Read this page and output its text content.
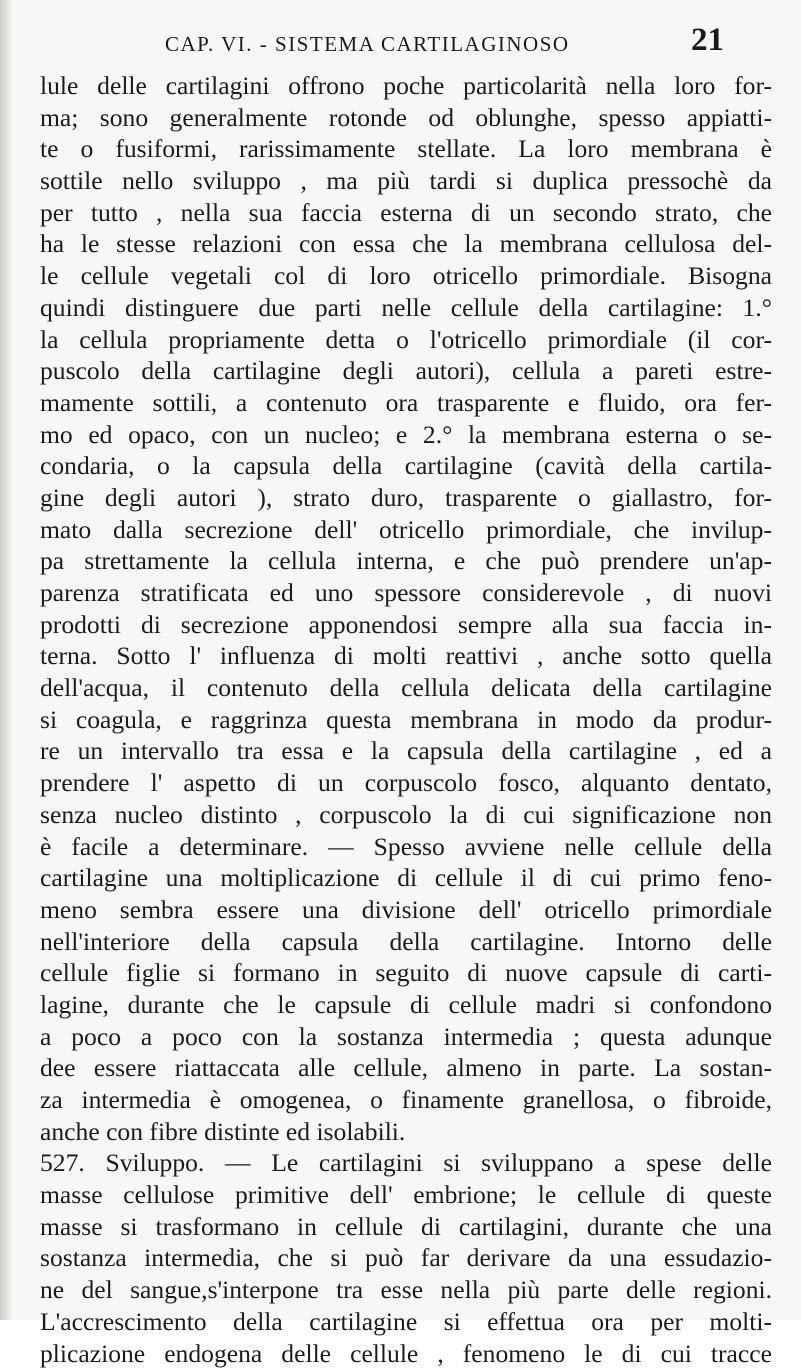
CAP. VI. - SISTEMA CARTILAGINOSO	21
lule delle cartilagini offrono poche particolarità nella loro for-
ma; sono generalmente rotonde od oblunghe, spesso appiatti-
te o fusiformi, rarissimamente stellate. La loro membrana è
sottile nello sviluppo , ma più tardi si duplica pressochè da
per tutto , nella sua faccia esterna di un secondo strato, che
ha le stesse relazioni con essa che la membrana cellulosa del-
le cellule vegetali col di loro otricello primordiale. Bisogna
quindi distinguere due parti nelle cellule della cartilagine: 1.°
la cellula propriamente detta o l'otricello primordiale (il cor-
puscolo della cartilagine degli autori), cellula a pareti estre-
mamente sottili, a contenuto ora trasparente e fluido, ora fer-
mo ed opaco, con un nucleo; e 2.° la membrana esterna o se-
condaria, o la capsula della cartilagine (cavità della cartila-
gine degli autori ), strato duro, trasparente o giallastro, for-
mato dalla secrezione dell' otricello primordiale, che invilup-
pa strettamente la cellula interna, e che può prendere un'ap-
parenza stratificata ed uno spessore considerevole , di nuovi
prodotti di secrezione apponendosi sempre alla sua faccia in-
terna. Sotto l' influenza di molti reattivi , anche sotto quella
dell'acqua, il contenuto della cellula delicata della cartilagine
si coagula, e raggrinza questa membrana in modo da produr-
re un intervallo tra essa e la capsula della cartilagine , ed a
prendere l' aspetto di un corpuscolo fosco, alquanto dentato,
senza nucleo distinto , corpuscolo la di cui significazione non
è facile a determinare. — Spesso avviene nelle cellule della
cartilagine una moltiplicazione di cellule il di cui primo feno-
meno sembra essere una divisione dell' otricello primordiale
nell'interiore della capsula della cartilagine. Intorno delle
cellule figlie si formano in seguito di nuove capsule di carti-
lagine, durante che le capsule di cellule madri si confondono
a poco a poco con la sostanza intermedia ; questa adunque
dee essere riattaccata alle cellule, almeno in parte. La sostan-
za intermedia è omogenea, o finamente granellosa, o fibroide,
anche con fibre distinte ed isolabili.
527. Sviluppo. — Le cartilagini si sviluppano a spese delle
masse cellulose primitive dell' embrione; le cellule di queste
masse si trasformano in cellule di cartilagini, durante che una
sostanza intermedia, che si può far derivare da una essudazio-
ne del sangue,s'interpone tra esse nella più parte delle regioni.
L'accrescimento della cartilagine si effettua ora per molti-
plicazione endogena delle cellule , fenomeno le di cui tracce
